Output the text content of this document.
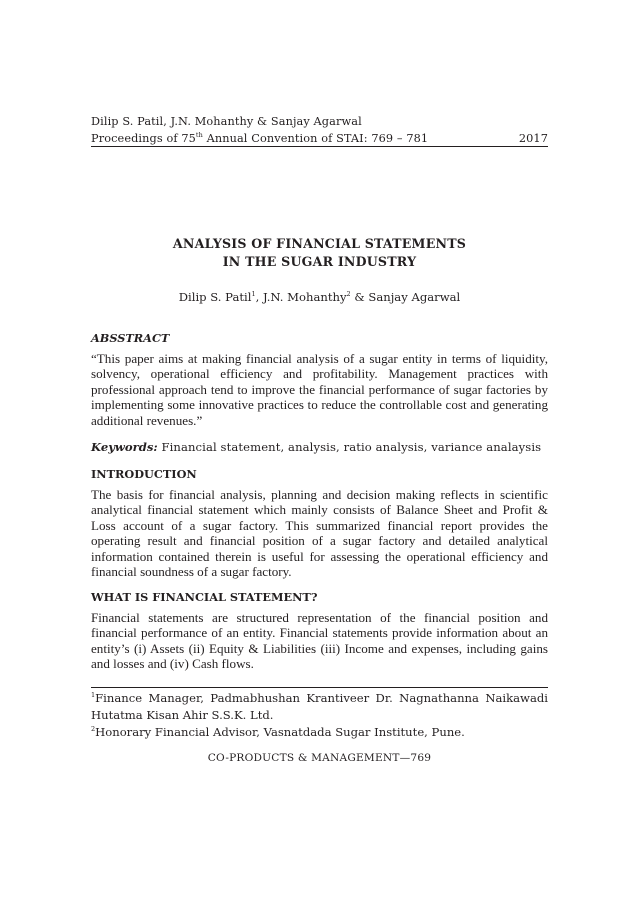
Dilip S. Patil, J.N. Mohanthy & Sanjay Agarwal
Proceedings of 75th Annual Convention of STAI: 769 – 781	2017
ANALYSIS OF FINANCIAL STATEMENTS
IN THE SUGAR INDUSTRY
Dilip S. Patil$^1$, J.N. Mohanthy$^2$ & Sanjay Agarwal
ABSSTRACT

“This paper aims at making financial analysis of a sugar entity in terms of liquidity, solvency, operational efficiency and profitability. Management practices with professional approach tend to improve the financial performance of sugar factories by implementing some innovative practices to reduce the controllable cost and generating additional revenues.”

Keywords: Financial statement, analysis, ratio analysis, variance analaysis
INTRODUCTION

The basis for financial analysis, planning and decision making reflects in scientific analytical financial statement which mainly consists of Balance Sheet and Profit & Loss account of a sugar factory. This summarized financial report provides the operating result and financial position of a sugar factory and detailed analytical information contained therein is useful for assessing the operational efficiency and financial soundness of a sugar factory.

WHAT IS FINANCIAL STATEMENT?

Financial statements are structured representation of the financial position and financial performance of an entity. Financial statements provide information about an entity’s (i) Assets (ii) Equity & Liabilities (iii) Income and expenses, including gains and losses and (iv) Cash flows.

$^1$Finance Manager, Padmabhushan Krantiveer Dr. Nagnathanna Naikawadi Hutatma Kisan Ahir S.S.K. Ltd.
$^2$Honorary Financial Advisor, Vasnatdada Sugar Institute, Pune.
CO-PRODUCTS & MANAGEMENT—769
